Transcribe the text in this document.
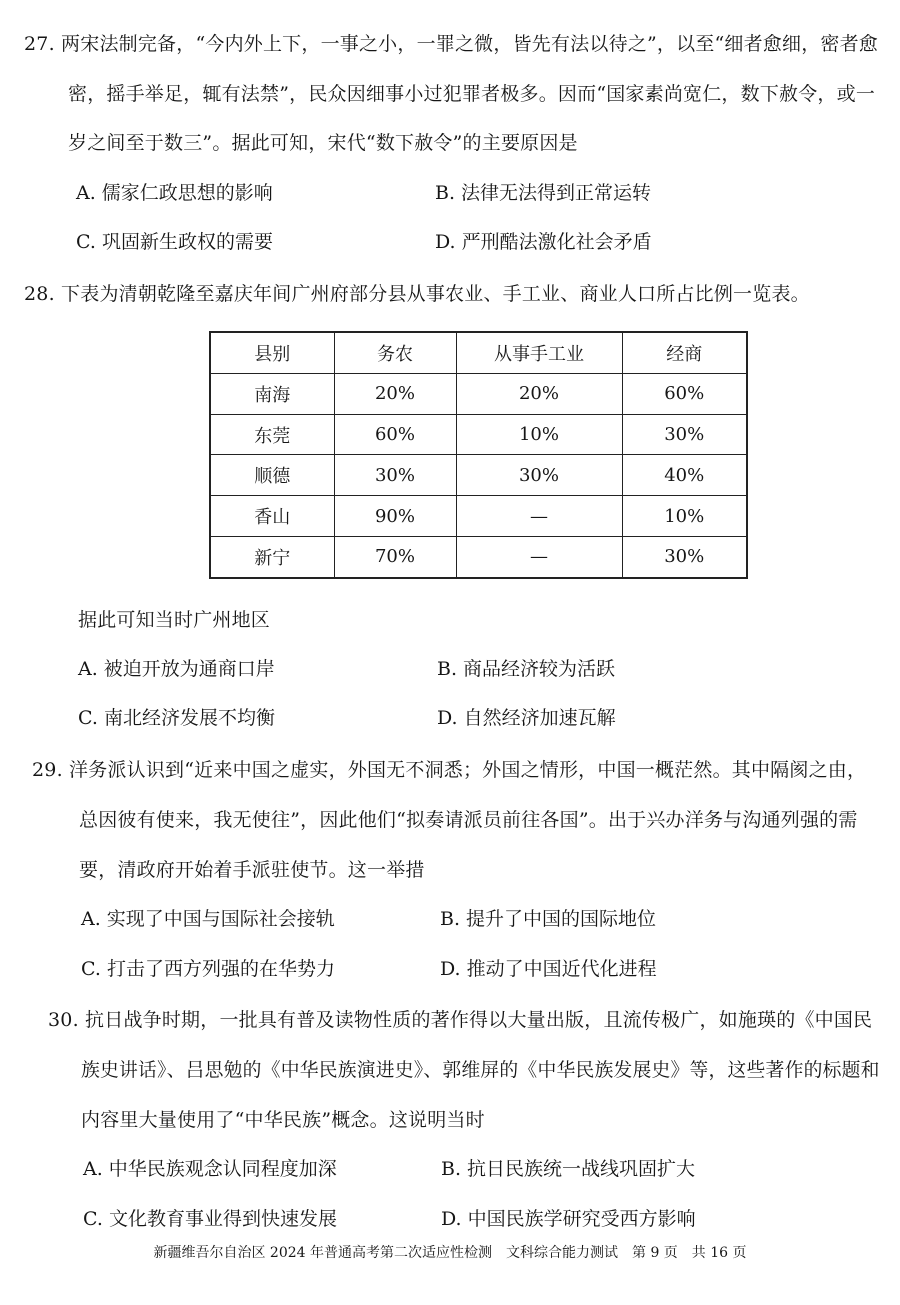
27. 两宋法制完备，“今内外上下，一事之小，一罪之微，皆先有法以待之”，以至“细者愈细，密者愈
密，摇手举足，辄有法禁”，民众因细事小过犯罪者极多。因而“国家素尚宽仁，数下赦令，或一
岁之间至于数三”。据此可知，宋代“数下赦令”的主要原因是
A. 儒家仁政思想的影响	B. 法律无法得到正常运转
C. 巩固新生政权的需要	D. 严刑酷法激化社会矛盾
28. 下表为清朝乾隆至嘉庆年间广州府部分县从事农业、手工业、商业人口所占比例一览表。
县别	务农	从事手工业	经商
南海	20%	20%	60%
东莞	60%	10%	30%
顺德	30%	30%	40%
香山	90%	—	10%
新宁	70%	—	30%
据此可知当时广州地区
A. 被迫开放为通商口岸	B. 商品经济较为活跃
C. 南北经济发展不均衡	D. 自然经济加速瓦解
29. 洋务派认识到“近来中国之虚实，外国无不洞悉；外国之情形，中国一概茫然。其中隔阂之由，
总因彼有使来，我无使往”，因此他们“拟奏请派员前往各国”。出于兴办洋务与沟通列强的需
要，清政府开始着手派驻使节。这一举措
A. 实现了中国与国际社会接轨	B. 提升了中国的国际地位
C. 打击了西方列强的在华势力	D. 推动了中国近代化进程
30. 抗日战争时期，一批具有普及读物性质的著作得以大量出版，且流传极广，如施瑛的《中国民
族史讲话》、吕思勉的《中华民族演进史》、郭维屏的《中华民族发展史》等，这些著作的标题和
内容里大量使用了“中华民族”概念。这说明当时
A. 中华民族观念认同程度加深	B. 抗日民族统一战线巩固扩大
C. 文化教育事业得到快速发展	D. 中国民族学研究受西方影响
新疆维吾尔自治区 2024 年普通高考第二次适应性检测　文科综合能力测试　第 9 页　共 16 页
